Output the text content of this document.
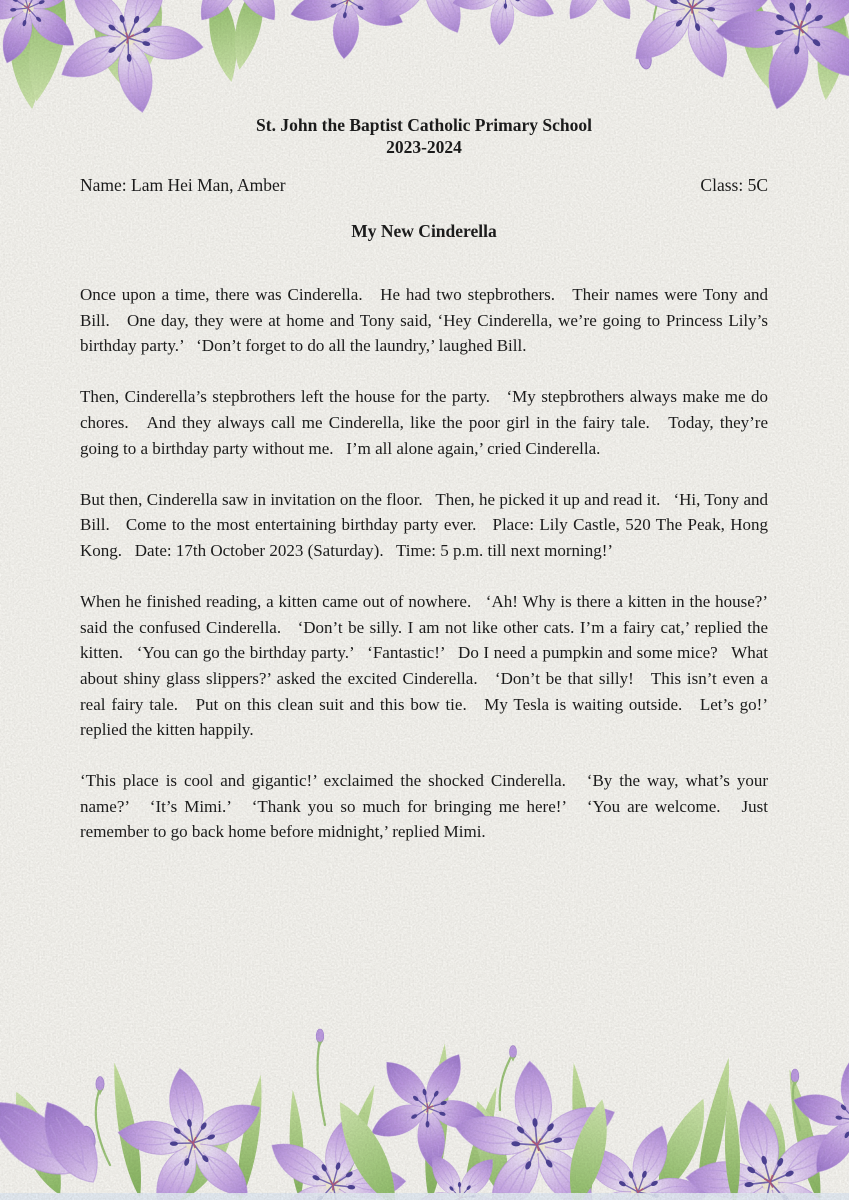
St. John the Baptist Catholic Primary School
2023-2024
Name: Lam Hei Man, Amber	Class: 5C
My New Cinderella

Once upon a time, there was Cinderella.   He had two stepbrothers.   Their names were Tony and Bill.   One day, they were at home and Tony said, ‘Hey Cinderella, we’re going to Princess Lily’s birthday party.’   ‘Don’t forget to do all the laundry,’ laughed Bill.

Then, Cinderella’s stepbrothers left the house for the party.   ‘My stepbrothers always make me do chores.   And they always call me Cinderella, like the poor girl in the fairy tale.   Today, they’re going to a birthday party without me.   I’m all alone again,’ cried Cinderella.

But then, Cinderella saw in invitation on the floor.   Then, he picked it up and read it.   ‘Hi, Tony and Bill.   Come to the most entertaining birthday party ever.   Place: Lily Castle, 520 The Peak, Hong Kong.   Date: 17th October 2023 (Saturday).   Time: 5 p.m. till next morning!’

When he finished reading, a kitten came out of nowhere.   ‘Ah! Why is there a kitten in the house?’ said the confused Cinderella.   ‘Don’t be silly. I am not like other cats. I’m a fairy cat,’ replied the kitten.   ‘You can go the birthday party.’   ‘Fantastic!’   Do I need a pumpkin and some mice?   What about shiny glass slippers?’ asked the excited Cinderella.   ‘Don’t be that silly!   This isn’t even a real fairy tale.   Put on this clean suit and this bow tie.   My Tesla is waiting outside.   Let’s go!’ replied the kitten happily.

‘This place is cool and gigantic!’ exclaimed the shocked Cinderella.   ‘By the way, what’s your name?’   ‘It’s Mimi.’   ‘Thank you so much for bringing me here!’   ‘You are welcome.   Just remember to go back home before midnight,’ replied Mimi.
